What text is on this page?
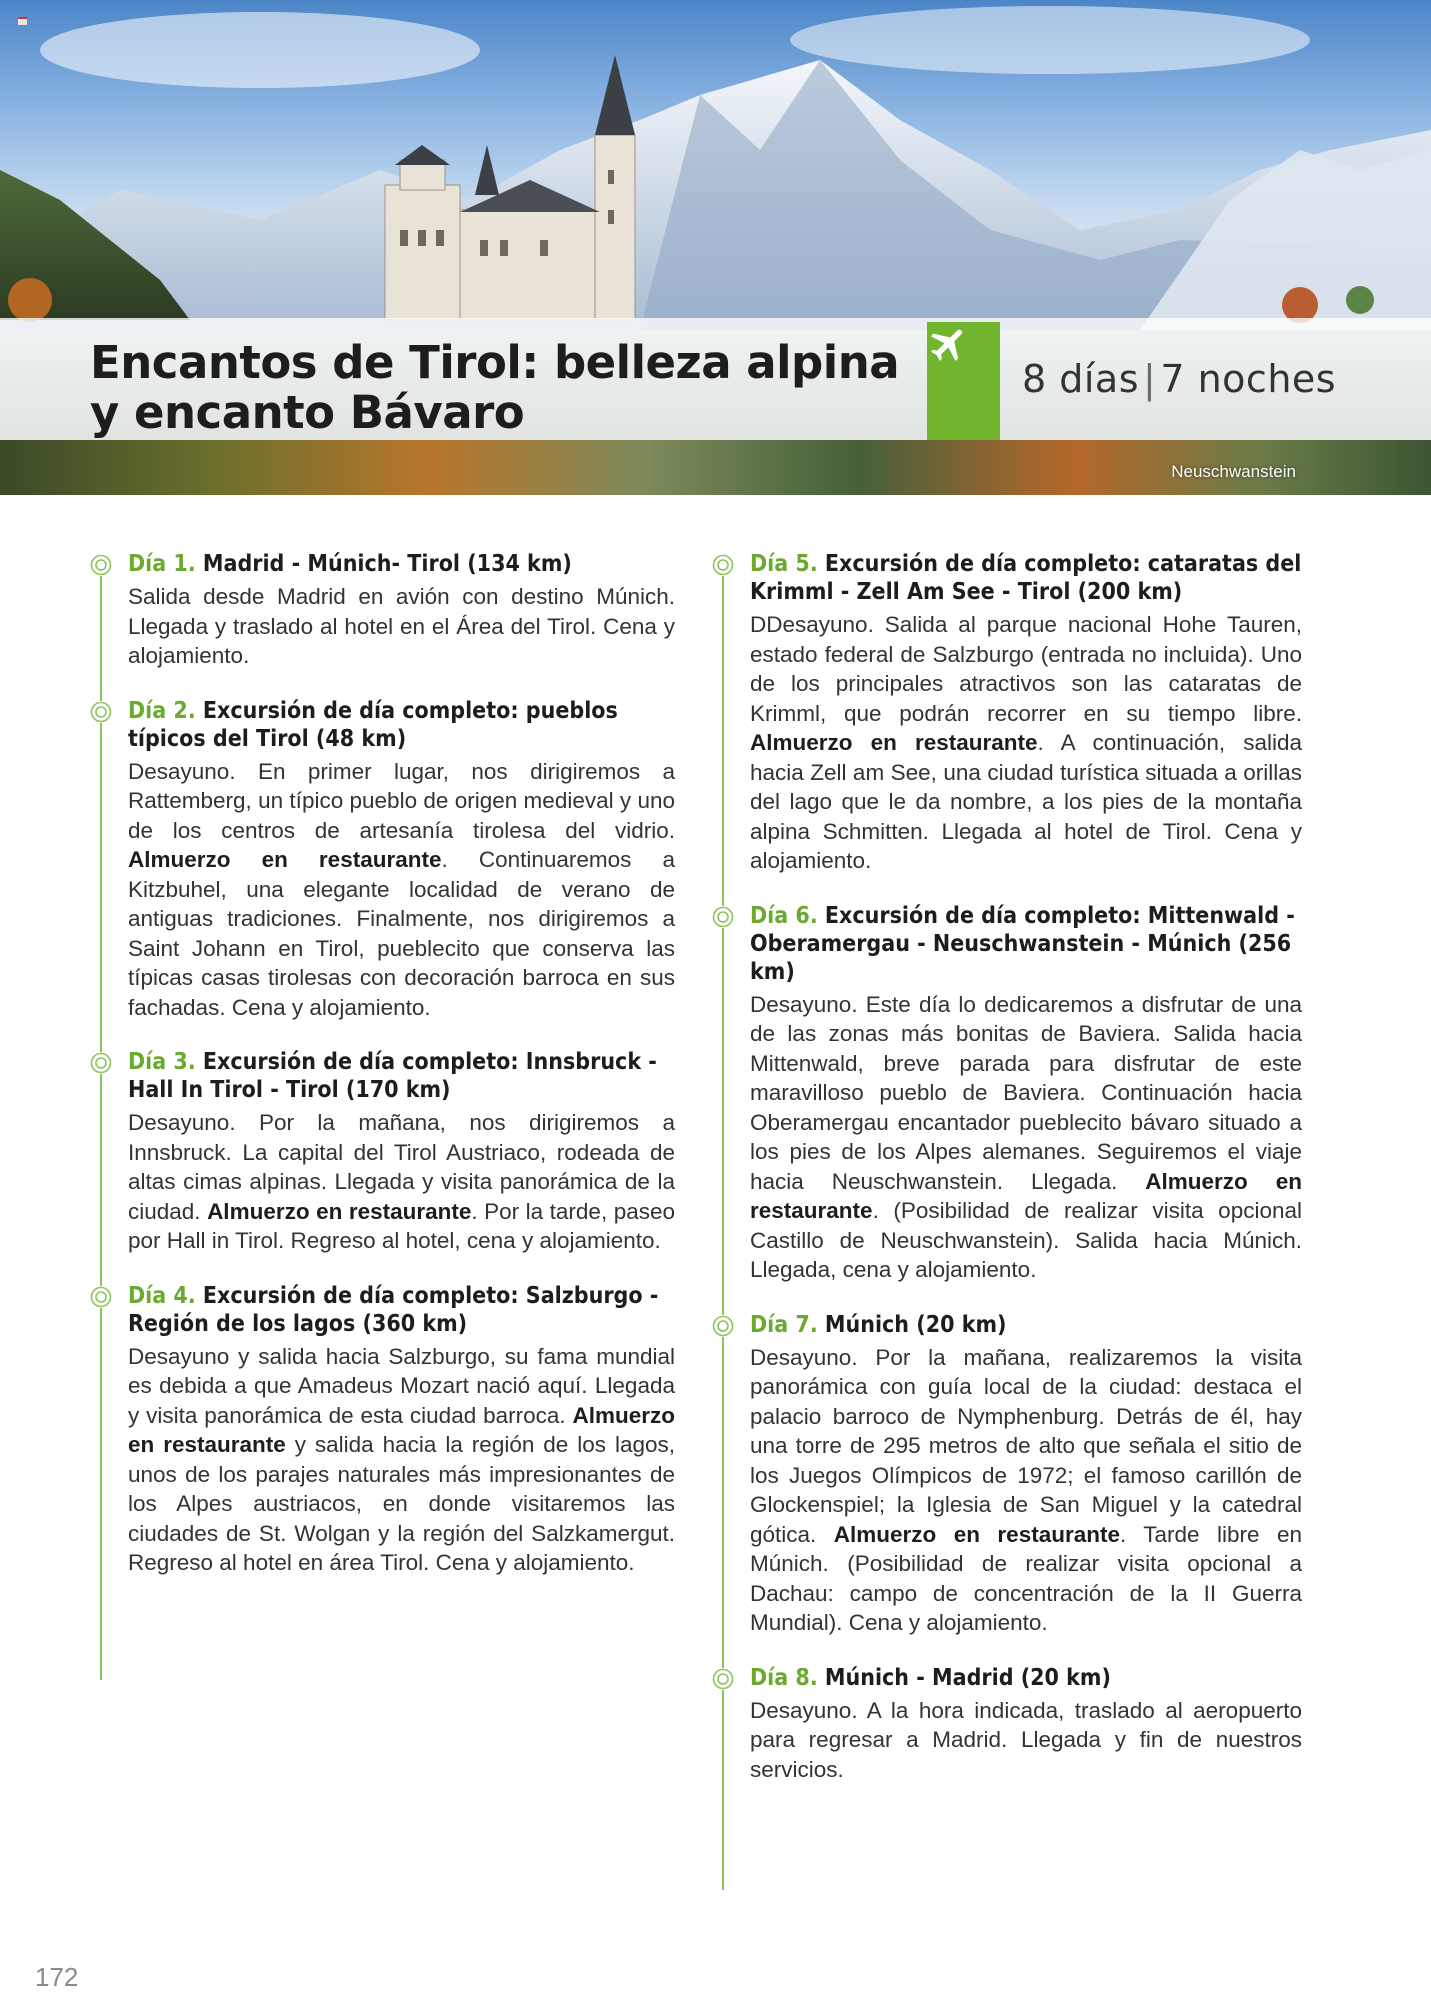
Encantos de Tirol: belleza alpina
y encanto Bávaro
8 días | 7 noches
Neuschwanstein
Día 1. Madrid - Múnich- Tirol (134 km)

Salida desde Madrid en avión con destino Múnich. Llegada y traslado al hotel en el Área del Tirol. Cena y alojamiento.

Día 2. Excursión de día completo: pueblos típicos del Tirol (48 km)

Desayuno. En primer lugar, nos dirigiremos a Rattemberg, un típico pueblo de origen medieval y uno de los centros de artesanía tirolesa del vidrio. Almuerzo en restaurante. Continuaremos a Kitzbuhel, una elegante localidad de verano de antiguas tradiciones. Finalmente, nos dirigiremos a Saint Johann en Tirol, pueblecito que conserva las típicas casas tirolesas con decoración barroca en sus fachadas. Cena y alojamiento.

Día 3. Excursión de día completo: Innsbruck - Hall In Tirol - Tirol (170 km)

Desayuno. Por la mañana, nos dirigiremos a Innsbruck. La capital del Tirol Austriaco, rodeada de altas cimas alpinas. Llegada y visita panorámica de la ciudad. Almuerzo en restaurante. Por la tarde, paseo por Hall in Tirol. Regreso al hotel, cena y alojamiento.

Día 4. Excursión de día completo: Salzburgo - Región de los lagos (360 km)

Desayuno y salida hacia Salzburgo, su fama mundial es debida a que Amadeus Mozart nació aquí. Llegada y visita panorámica de esta ciudad barroca. Almuerzo en restaurante y salida hacia la región de los lagos, unos de los parajes naturales más impresionantes de los Alpes austriacos, en donde visitaremos las ciudades de St. Wolgan y la región del Salzkamergut. Regreso al hotel en área Tirol. Cena y alojamiento.

Día 5. Excursión de día completo: cataratas del Krimml - Zell Am See - Tirol (200 km)

DDesayuno. Salida al parque nacional Hohe Tauren, estado federal de Salzburgo (entrada no incluida). Uno de los principales atractivos son las cataratas de Krimml, que podrán recorrer en su tiempo libre. Almuerzo en restaurante. A continuación, salida hacia Zell am See, una ciudad turística situada a orillas del lago que le da nombre, a los pies de la montaña alpina Schmitten. Llegada al hotel de Tirol. Cena y alojamiento.

Día 6. Excursión de día completo: Mittenwald - Oberamergau - Neuschwanstein - Múnich (256 km)

Desayuno. Este día lo dedicaremos a disfrutar de una de las zonas más bonitas de Baviera. Salida hacia Mittenwald, breve parada para disfrutar de este maravilloso pueblo de Baviera. Continuación hacia Oberamergau encantador pueblecito bávaro situado a los pies de los Alpes alemanes. Seguiremos el viaje hacia Neuschwanstein. Llegada. Almuerzo en restaurante. (Posibilidad de realizar visita opcional Castillo de Neuschwanstein). Salida hacia Múnich. Llegada, cena y alojamiento.

Día 7. Múnich (20 km)

Desayuno. Por la mañana, realizaremos la visita panorámica con guía local de la ciudad: destaca el palacio barroco de Nymphenburg. Detrás de él, hay una torre de 295 metros de alto que señala el sitio de los Juegos Olímpicos de 1972; el famoso carillón de Glockenspiel; la Iglesia de San Miguel y la catedral gótica. Almuerzo en restaurante. Tarde libre en Múnich. (Posibilidad de realizar visita opcional a Dachau: campo de concentración de la II Guerra Mundial). Cena y alojamiento.

Día 8. Múnich - Madrid (20 km)

Desayuno. A la hora indicada, traslado al aeropuerto para regresar a Madrid. Llegada y fin de nuestros servicios.

172
